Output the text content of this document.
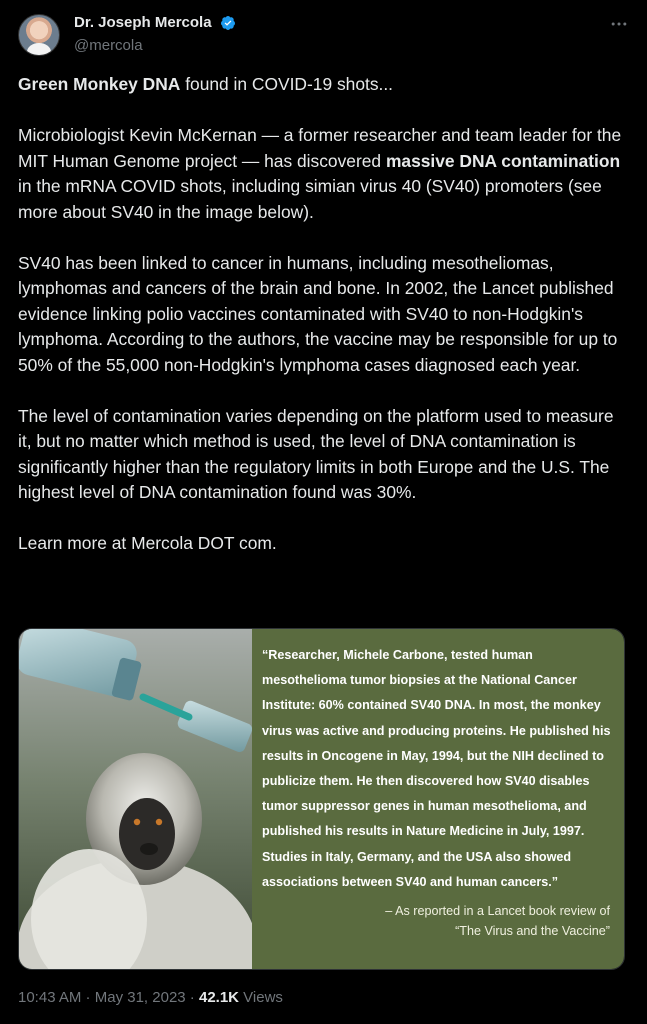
Dr. Joseph Mercola
@mercola

Green Monkey DNA found in COVID-19 shots...

Microbiologist Kevin McKernan — a former researcher and team leader for the MIT Human Genome project — has discovered massive DNA contamination in the mRNA COVID shots, including simian virus 40 (SV40) promoters (see more about SV40 in the image below).

SV40 has been linked to cancer in humans, including mesotheliomas, lymphomas and cancers of the brain and bone. In 2002, the Lancet published evidence linking polio vaccines contaminated with SV40 to non-Hodgkin's lymphoma. According to the authors, the vaccine may be responsible for up to 50% of the 55,000 non-Hodgkin's lymphoma cases diagnosed each year.

The level of contamination varies depending on the platform used to measure it, but no matter which method is used, the level of DNA contamination is significantly higher than the regulatory limits in both Europe and the U.S. The highest level of DNA contamination found was 30%.

Learn more at Mercola DOT com.

“Researcher, Michele Carbone, tested human mesothelioma tumor biopsies at the National Cancer Institute: 60% contained SV40 DNA. In most, the monkey virus was active and producing proteins. He published his results in Oncogene in May, 1994, but the NIH declined to publicize them. He then discovered how SV40 disables tumor suppressor genes in human mesothelioma, and published his results in Nature Medicine in July, 1997. Studies in Italy, Germany, and the USA also showed associations between SV40 and human cancers.”
– As reported in a Lancet book review of
“The Virus and the Vaccine”
10:43 AM · May 31, 2023 · 42.1K Views
